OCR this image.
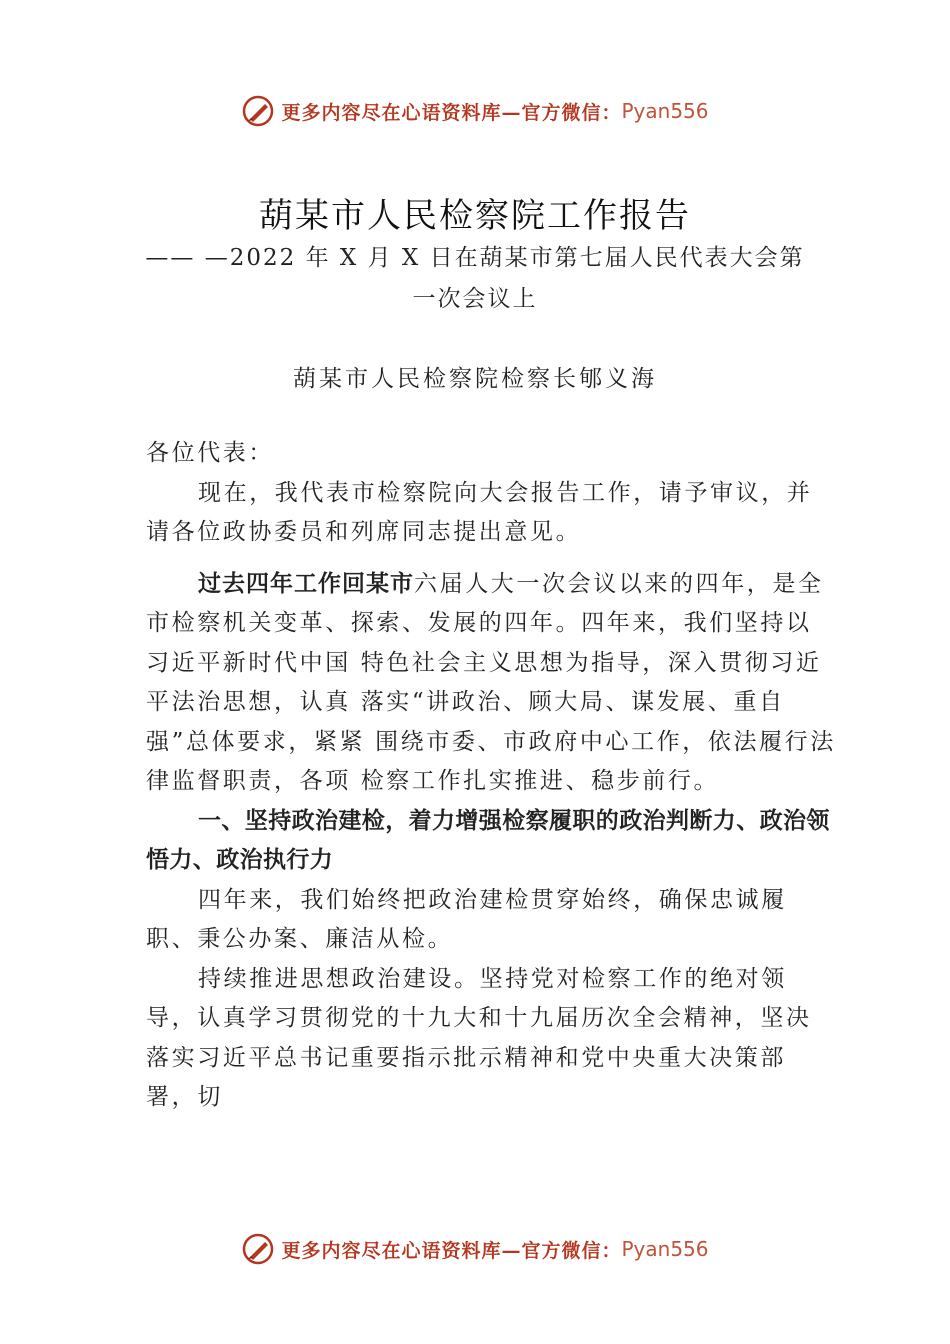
更多内容尽在心语资料库—官方微信： Pyan556
葫某市人民检察院工作报告
—— —2022 年 X 月 X 日在葫某市第七届人民代表大会第
一次会议上
葫某市人民检察院检察长郇义海

各位代表：

现在，我代表市检察院向大会报告工作，请予审议，并请各位政协委员和列席同志提出意见。

过去四年工作回某市六届人大一次会议以来的四年，是全市检察机关变革、探索、发展的四年。四年来，我们坚持以习近平新时代中国 特色社会主义思想为指导，深入贯彻习近平法治思想，认真 落实“讲政治、顾大局、谋发展、重自强”总体要求，紧紧 围绕市委、市政府中心工作，依法履行法律监督职责，各项 检察工作扎实推进、稳步前行。

一、坚持政治建检，着力增强检察履职的政治判断力、政治领悟力、政治执行力

四年来，我们始终把政治建检贯穿始终，确保忠诚履职、秉公办案、廉洁从检。

持续推进思想政治建设。坚持党对检察工作的绝对领导，认真学习贯彻党的十九大和十九届历次全会精神，坚决落实习近平总书记重要指示批示精神和党中央重大决策部署，切

更多内容尽在心语资料库—官方微信： Pyan556
